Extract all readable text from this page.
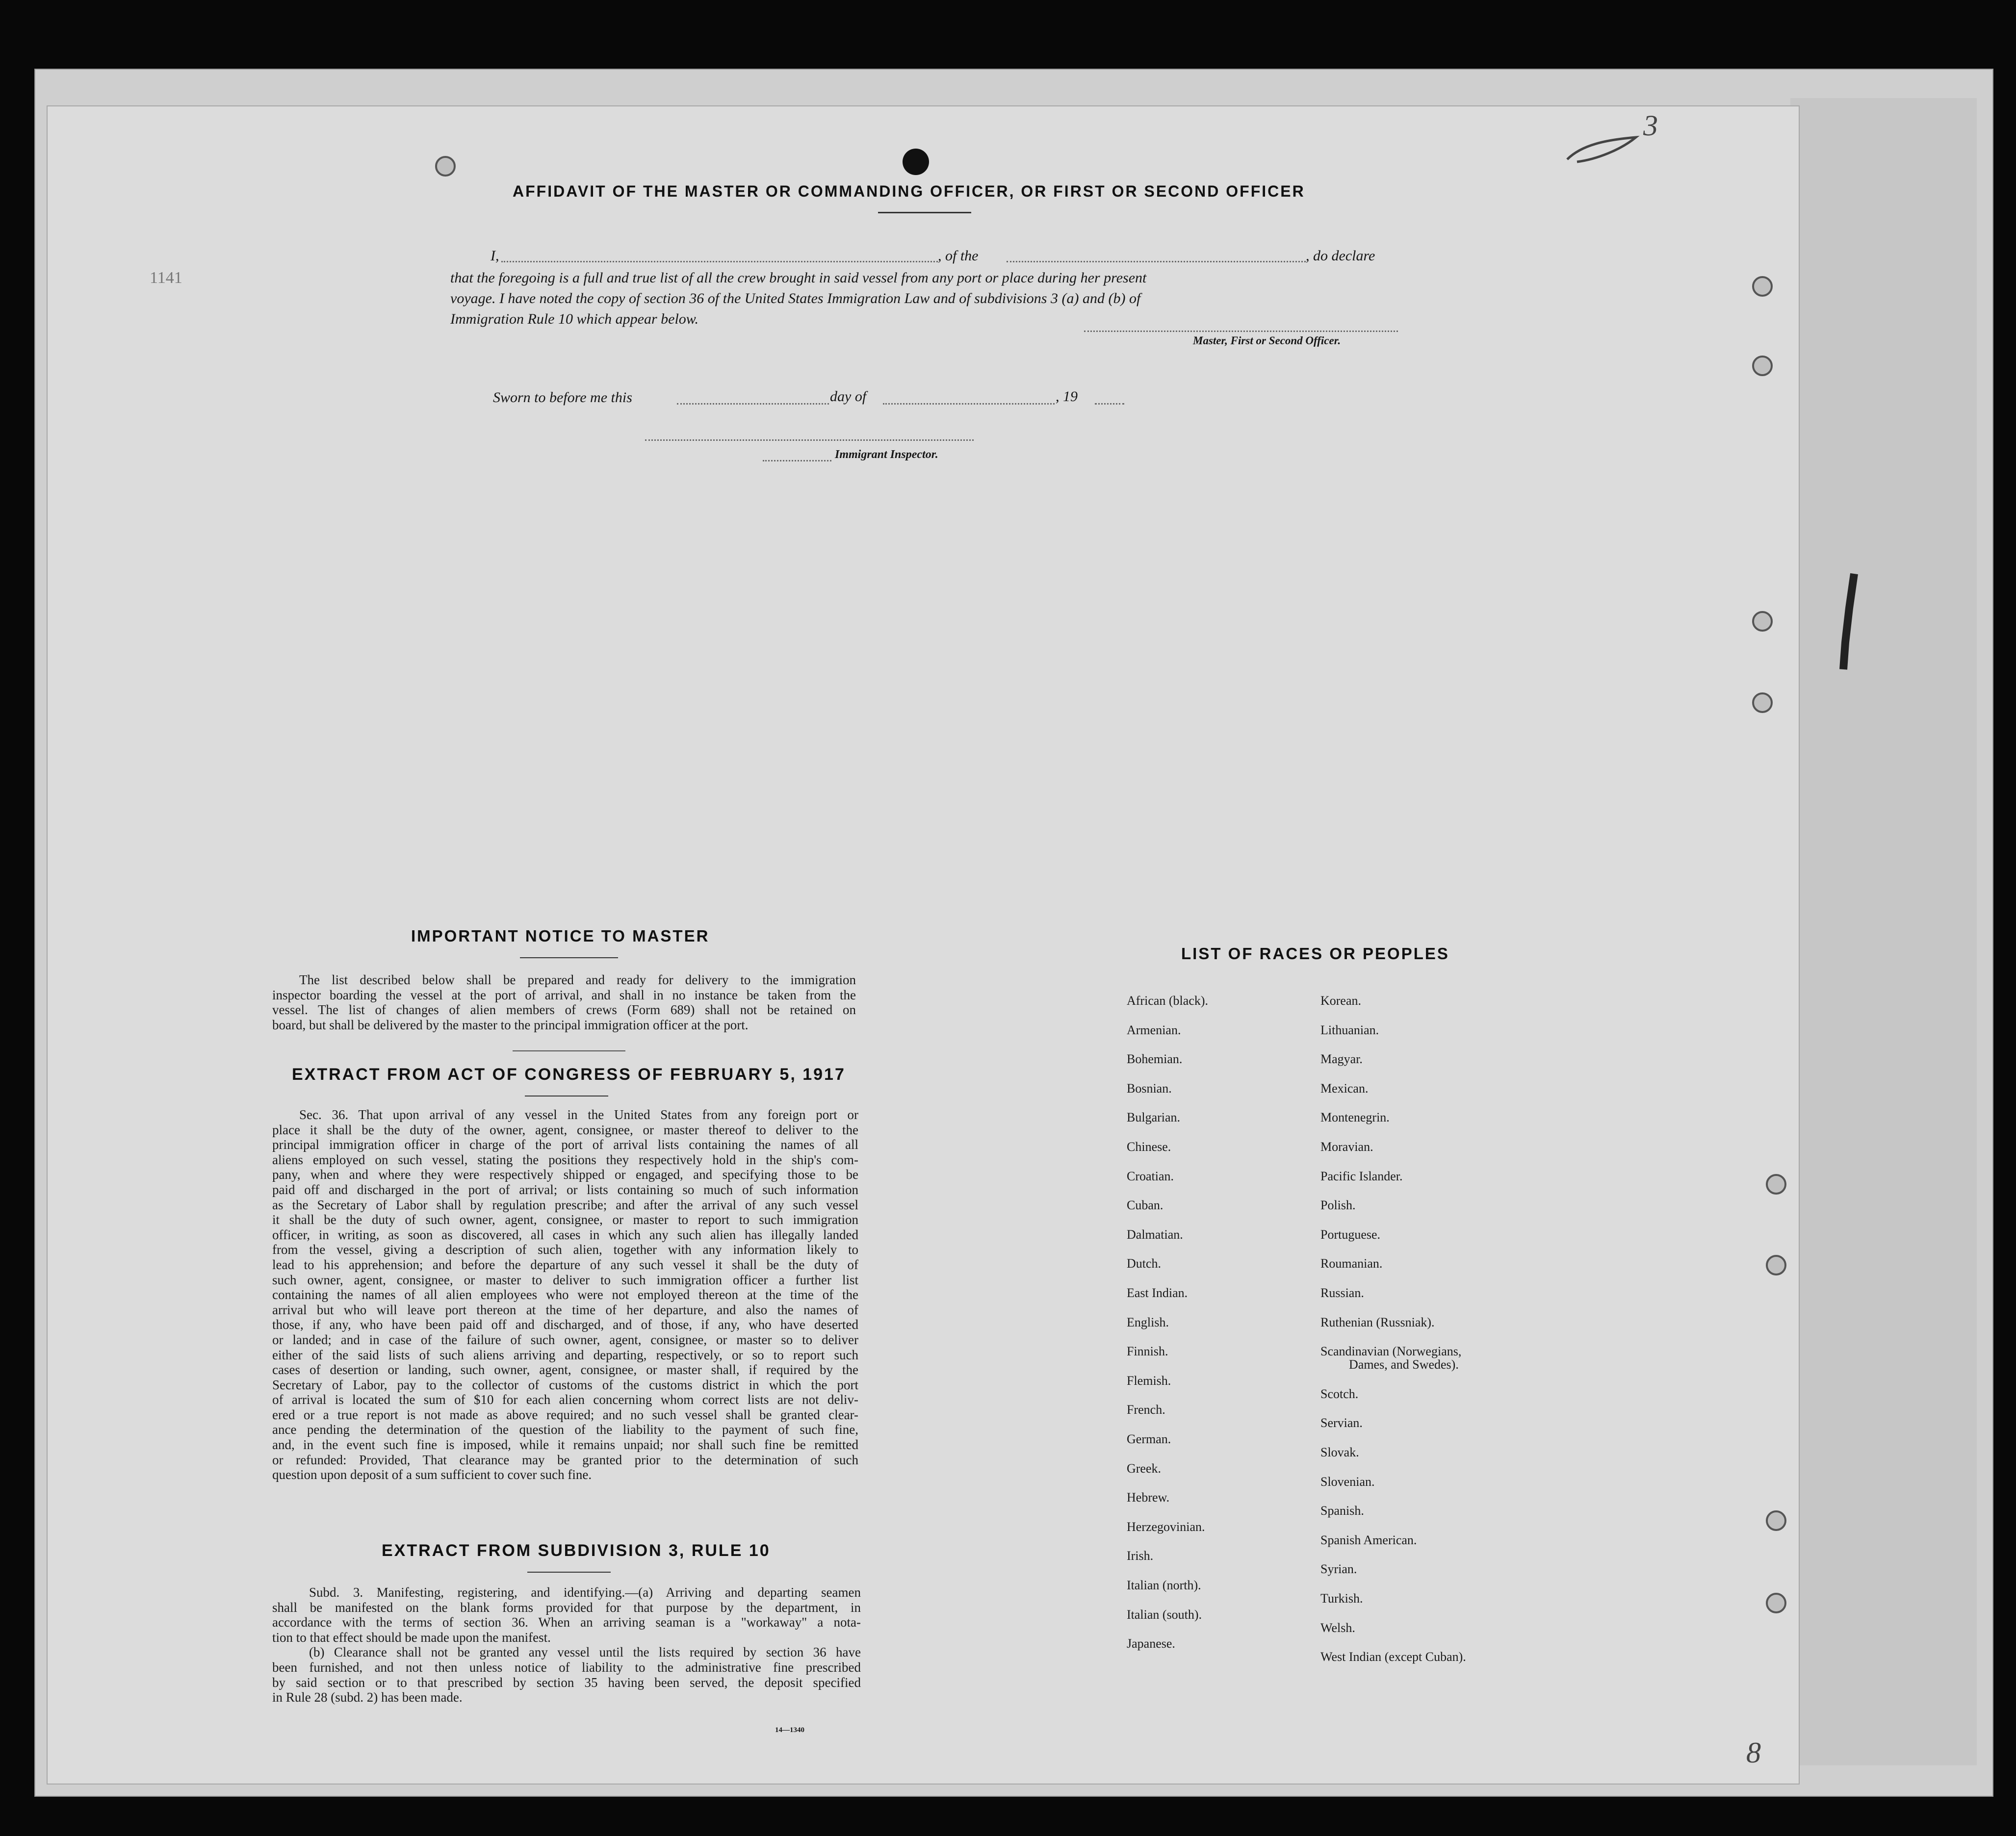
3
1141
8
AFFIDAVIT OF THE MASTER OR COMMANDING OFFICER, OR FIRST OR SECOND OFFICER
I,	, of the	, do declare
that the foregoing is a full and true list of all the crew brought in said vessel from any port or place during her present
voyage. I have noted the copy of section 36 of the United States Immigration Law and of subdivisions 3 (a) and (b) of
Immigration Rule 10 which appear below.
Master, First or Second Officer.
Sworn to before me this	day of	, 19
Immigrant Inspector.
IMPORTANT NOTICE TO MASTER
The list described below shall be prepared and ready for delivery to the immigration
inspector boarding the vessel at the port of arrival, and shall in no instance be taken from the
vessel. The list of changes of alien members of crews (Form 689) shall not be retained on
board, but shall be delivered by the master to the principal immigration officer at the port.
EXTRACT FROM ACT OF CONGRESS OF FEBRUARY 5, 1917
Sec. 36. That upon arrival of any vessel in the United States from any foreign port or
place it shall be the duty of the owner, agent, consignee, or master thereof to deliver to the
principal immigration officer in charge of the port of arrival lists containing the names of all
aliens employed on such vessel, stating the positions they respectively hold in the ship's com-
pany, when and where they were respectively shipped or engaged, and specifying those to be
paid off and discharged in the port of arrival; or lists containing so much of such information
as the Secretary of Labor shall by regulation prescribe; and after the arrival of any such vessel
it shall be the duty of such owner, agent, consignee, or master to report to such immigration
officer, in writing, as soon as discovered, all cases in which any such alien has illegally landed
from the vessel, giving a description of such alien, together with any information likely to
lead to his apprehension; and before the departure of any such vessel it shall be the duty of
such owner, agent, consignee, or master to deliver to such immigration officer a further list
containing the names of all alien employees who were not employed thereon at the time of the
arrival but who will leave port thereon at the time of her departure, and also the names of
those, if any, who have been paid off and discharged, and of those, if any, who have deserted
or landed; and in case of the failure of such owner, agent, consignee, or master so to deliver
either of the said lists of such aliens arriving and departing, respectively, or so to report such
cases of desertion or landing, such owner, agent, consignee, or master shall, if required by the
Secretary of Labor, pay to the collector of customs of the customs district in which the port
of arrival is located the sum of $10 for each alien concerning whom correct lists are not deliv-
ered or a true report is not made as above required; and no such vessel shall be granted clear-
ance pending the determination of the question of the liability to the payment of such fine,
and, in the event such fine is imposed, while it remains unpaid; nor shall such fine be remitted
or refunded: Provided, That clearance may be granted prior to the determination of such
question upon deposit of a sum sufficient to cover such fine.
EXTRACT FROM SUBDIVISION 3, RULE 10
Subd. 3. Manifesting, registering, and identifying.—(a) Arriving and departing seamen
shall be manifested on the blank forms provided for that purpose by the department, in
accordance with the terms of section 36. When an arriving seaman is a "workaway" a nota-
tion to that effect should be made upon the manifest.
(b) Clearance shall not be granted any vessel until the lists required by section 36 have
been furnished, and not then unless notice of liability to the administrative fine prescribed
by said section or to that prescribed by section 35 having been served, the deposit specified
in Rule 28 (subd. 2) has been made.
14—1340
LIST OF RACES OR PEOPLES
African (black).
Armenian.
Bohemian.
Bosnian.
Bulgarian.
Chinese.
Croatian.
Cuban.
Dalmatian.
Dutch.
East Indian.
English.
Finnish.
Flemish.
French.
German.
Greek.
Hebrew.
Herzegovinian.
Irish.
Italian (north).
Italian (south).
Japanese.
Korean.
Lithuanian.
Magyar.
Mexican.
Montenegrin.
Moravian.
Pacific Islander.
Polish.
Portuguese.
Roumanian.
Russian.
Ruthenian (Russniak).
Scandinavian (Norwegians,
Dames, and Swedes).
Scotch.
Servian.
Slovak.
Slovenian.
Spanish.
Spanish American.
Syrian.
Turkish.
Welsh.
West Indian (except Cuban).
